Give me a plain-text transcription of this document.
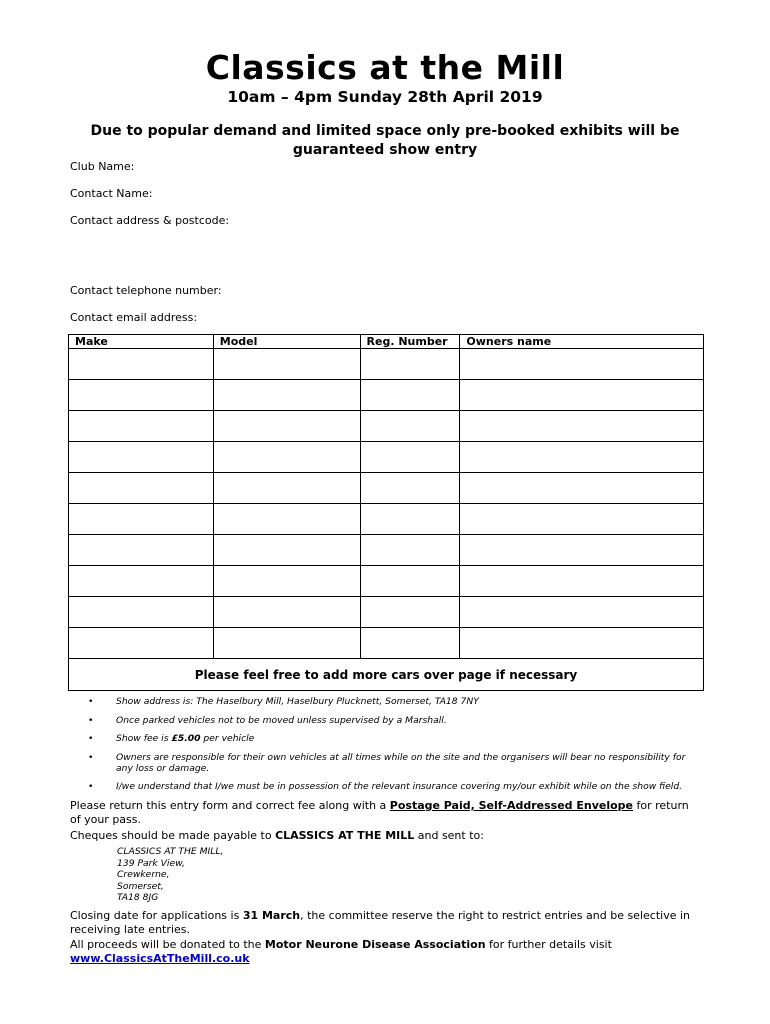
Classics at the Mill
10am – 4pm Sunday 28th April 2019
Due to popular demand and limited space only pre-booked exhibits will be guaranteed show entry
Club Name:
Contact Name:
Contact address & postcode:
Contact telephone number:
Contact email address:
Make	Model	Reg. Number	Owners name

Please feel free to add more cars over page if necessary			
• Show address is: The Haselbury Mill, Haselbury Plucknett, Somerset, TA18 7NY
• Once parked vehicles not to be moved unless supervised by a Marshall.
• Show fee is £5.00 per vehicle
• Owners are responsible for their own vehicles at all times while on the site and the organisers will bear no responsibility for any loss or damage.
• I/we understand that I/we must be in possession of the relevant insurance covering my/our exhibit while on the show field.
Please return this entry form and correct fee along with a Postage Paid, Self-Addressed Envelope for return of your pass.
Cheques should be made payable to CLASSICS AT THE MILL and sent to:
CLASSICS AT THE MILL,
139 Park View,
Crewkerne,
Somerset,
TA18 8JG
Closing date for applications is 31 March, the committee reserve the right to restrict entries and be selective in receiving late entries.
All proceeds will be donated to the Motor Neurone Disease Association for further details visit
www.ClassicsAtTheMill.co.uk
